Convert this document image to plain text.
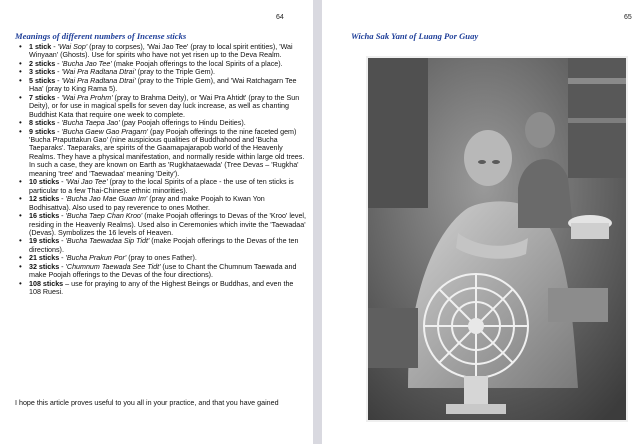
64
Meanings of different numbers of Incense sticks
• 1 stick - 'Wai Sop' (pray to corpses), 'Wai Jao Tee' (pray to local spirit entities), 'Wai Winyaan' (Ghosts). Use for spirits who have not yet risen up to the Deva Realm.
• 2 sticks - 'Bucha Jao Tee' (make Poojah offerings to the local Spirits of a place).
• 3 sticks - 'Wai Pra Radtana Dtrai' (pray to the Triple Gem).
• 5 sticks - 'Wai Pra Radtana Dtrai' (pray to the Triple Gem), and 'Wai Ratchagarn Tee Haa' (pray to King Rama 5).
• 7 sticks - 'Wai Pra Prohm' (pray to Brahma Deity), or 'Wai Pra Ahtidt' (pray to the Sun Deity), or for use in magical spells for seven day luck increase, as well as chanting Buddhist Kata that require one week to complete.
• 8 sticks - 'Bucha Taepa Jao' (pay Poojah offerings to Hindu Deities).
• 9 sticks - 'Bucha Gaew Gao Pragarn' (pay Poojah offerings to the nine faceted gem) 'Bucha Praputtakun Gao' (nine auspicious qualities of Buddhahood and 'Bucha Taeparaks'. Taeparaks, are spirits of the Gaamapajarapob world of the Heavenly Realms. They have a physical manifestation, and normally reside within large old trees. In such a case, they are known on Earth as 'Rugkhataewada' (Tree Devas – 'Rugkha' meaning 'tree' and 'Taewadaa' meaning 'Deity').
• 10 sticks - 'Wai Jao Tee' (pray to the local Spirits of a place - the use of ten sticks is particular to a few Thai-Chinese ethnic minorities).
• 12 sticks - 'Bucha Jao Mae Guan Im' (pray and make Poojah to Kwan Yon Bodhisattva). Also used to pay reverence to ones Mother.
• 16 sticks - 'Bucha Taep Chan Kroo' (make Poojah offerings to Devas of the 'Kroo' level, residing in the Heavenly Realms). Used also in Ceremonies which invite the 'Taewadaa' (Devas). Symbolizes the 16 levels of Heaven.
• 19 sticks - 'Bucha Taewadaa Sip Tidt' (make Poojah offerings to the Devas of the ten directions).
• 21 sticks - 'Bucha Prakun Por' (pray to ones Father).
• 32 sticks - 'Chumnum Taewada See Tidt' (use to Chant the Chumnum Taewada and make Poojah offerings to the Devas of the four directions).
• 108 sticks – use for praying to any of the Highest Beings or Buddhas, and even the 108 Ruesi.

I hope this article proves useful to you all in your practice, and that you have gained

65
Wicha Sak Yant of Luang Por Guay
